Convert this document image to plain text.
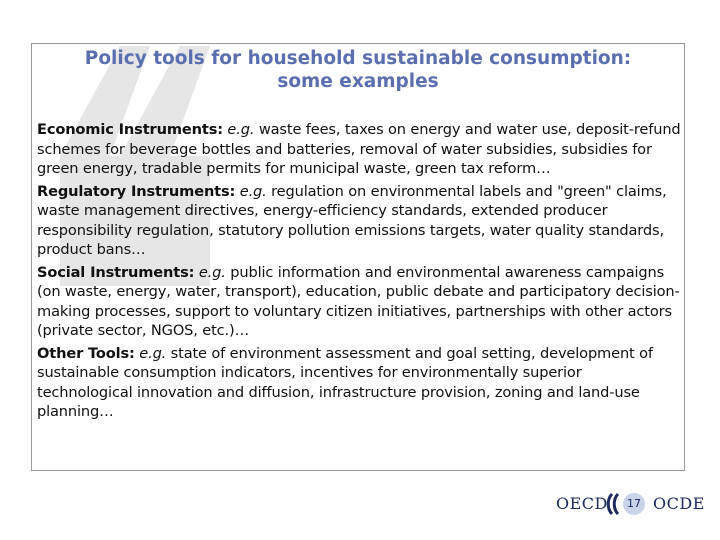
Policy tools for household sustainable consumption:
some examples

Economic Instruments: e.g. waste fees, taxes on energy and water use, deposit-refund schemes for beverage bottles and batteries, removal of water subsidies, subsidies for green energy, tradable permits for municipal waste, green tax reform…

Regulatory Instruments: e.g. regulation on environmental labels and "green" claims, waste management directives, energy-efficiency standards, extended producer responsibility regulation, statutory pollution emissions targets, water quality standards, product bans…

Social Instruments: e.g. public information and environmental awareness campaigns (on waste, energy, water, transport), education, public debate and participatory decision-making processes, support to voluntary citizen initiatives, partnerships with other actors (private sector, NGOS, etc.)…

Other Tools: e.g. state of environment assessment and goal setting, development of sustainable consumption indicators, incentives for environmentally superior technological innovation and diffusion, infrastructure provision, zoning and land-use planning…

OECD	17 OCDE
